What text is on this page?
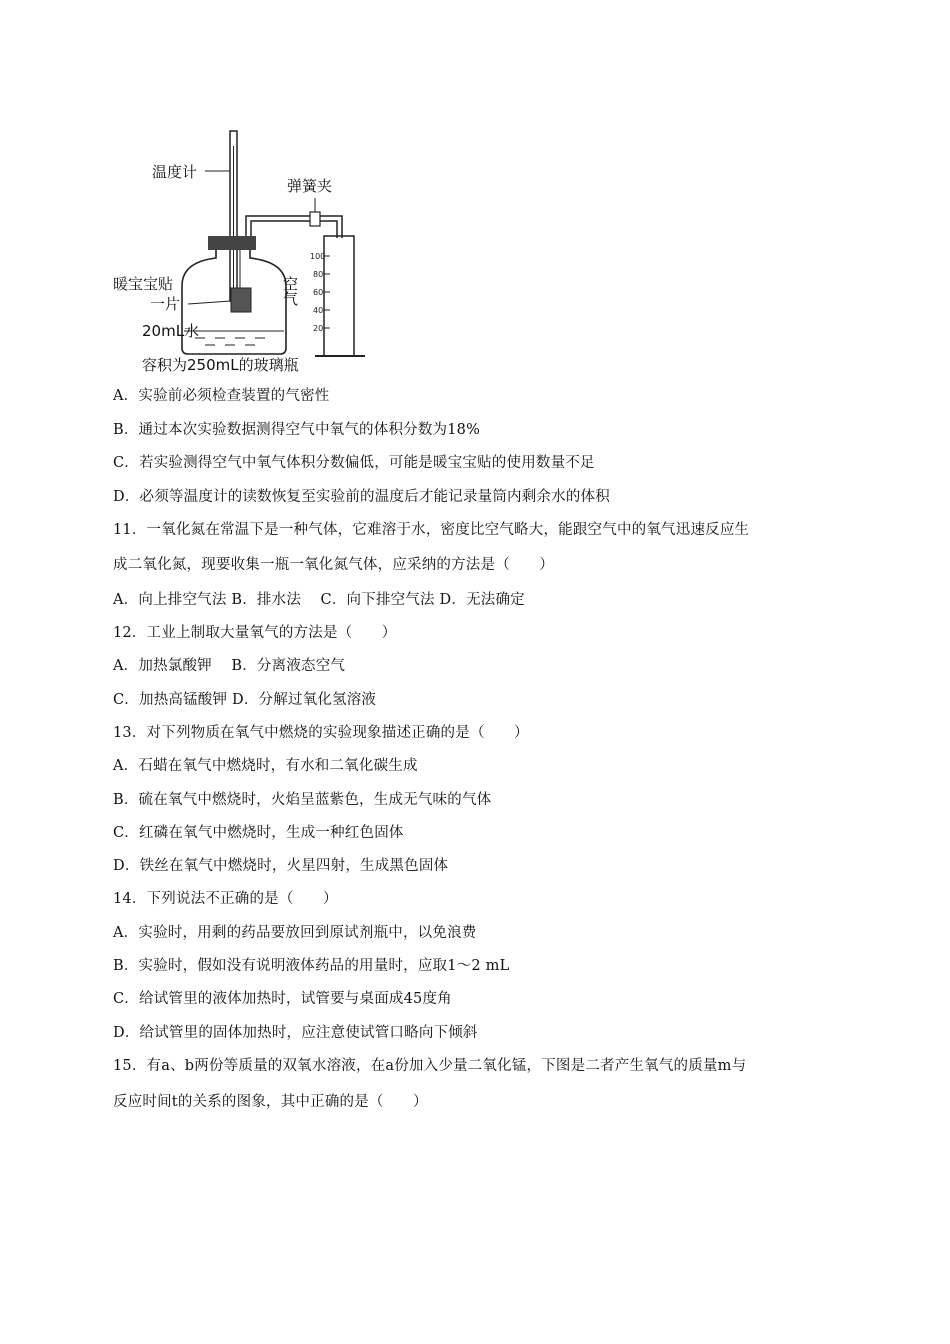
温度计
暖宝宝贴
一片
20mL水
空气
弹簧夹
100
80
60
40
20
容积为250mL的玻璃瓶
A．实验前必须检查装置的气密性
B．通过本次实验数据测得空气中氧气的体积分数为18%
C．若实验测得空气中氧气体积分数偏低，可能是暖宝宝贴的使用数量不足
D．必须等温度计的读数恢复至实验前的温度后才能记录量筒内剩余水的体积
11．一氧化氮在常温下是一种气体，它难溶于水，密度比空气略大，能跟空气中的氧气迅速反应生
成二氧化氮，现要收集一瓶一氧化氮气体，应采纳的方法是（　　）
A．向上排空气法 B．排水法　 C．向下排空气法 D．无法确定
12．工业上制取大量氧气的方法是（　　）
A．加热氯酸钾　 B．分离液态空气
C．加热高锰酸钾 D．分解过氧化氢溶液
13．对下列物质在氧气中燃烧的实验现象描述正确的是（　　）
A．石蜡在氧气中燃烧时，有水和二氧化碳生成
B．硫在氧气中燃烧时，火焰呈蓝紫色，生成无气味的气体
C．红磷在氧气中燃烧时，生成一种红色固体
D．铁丝在氧气中燃烧时，火星四射，生成黑色固体
14．下列说法不正确的是（　　）
A．实验时，用剩的药品要放回到原试剂瓶中，以免浪费
B．实验时，假如没有说明液体药品的用量时，应取1～2 mL
C．给试管里的液体加热时，试管要与桌面成45度角
D．给试管里的固体加热时，应注意使试管口略向下倾斜
15．有a、b两份等质量的双氧水溶液，在a份加入少量二氧化锰，下图是二者产生氧气的质量m与
反应时间t的关系的图象，其中正确的是（　　）
